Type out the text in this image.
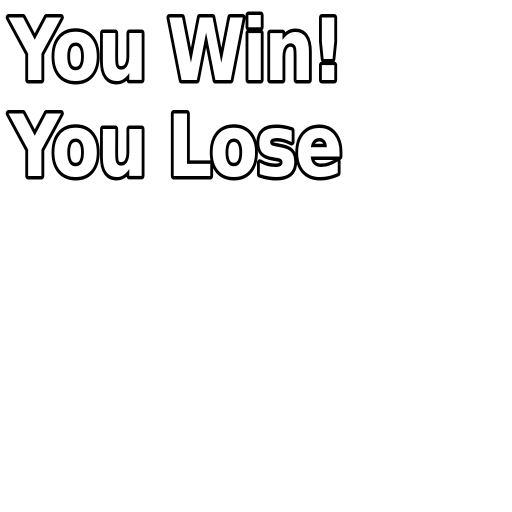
You Win!
You Lose
